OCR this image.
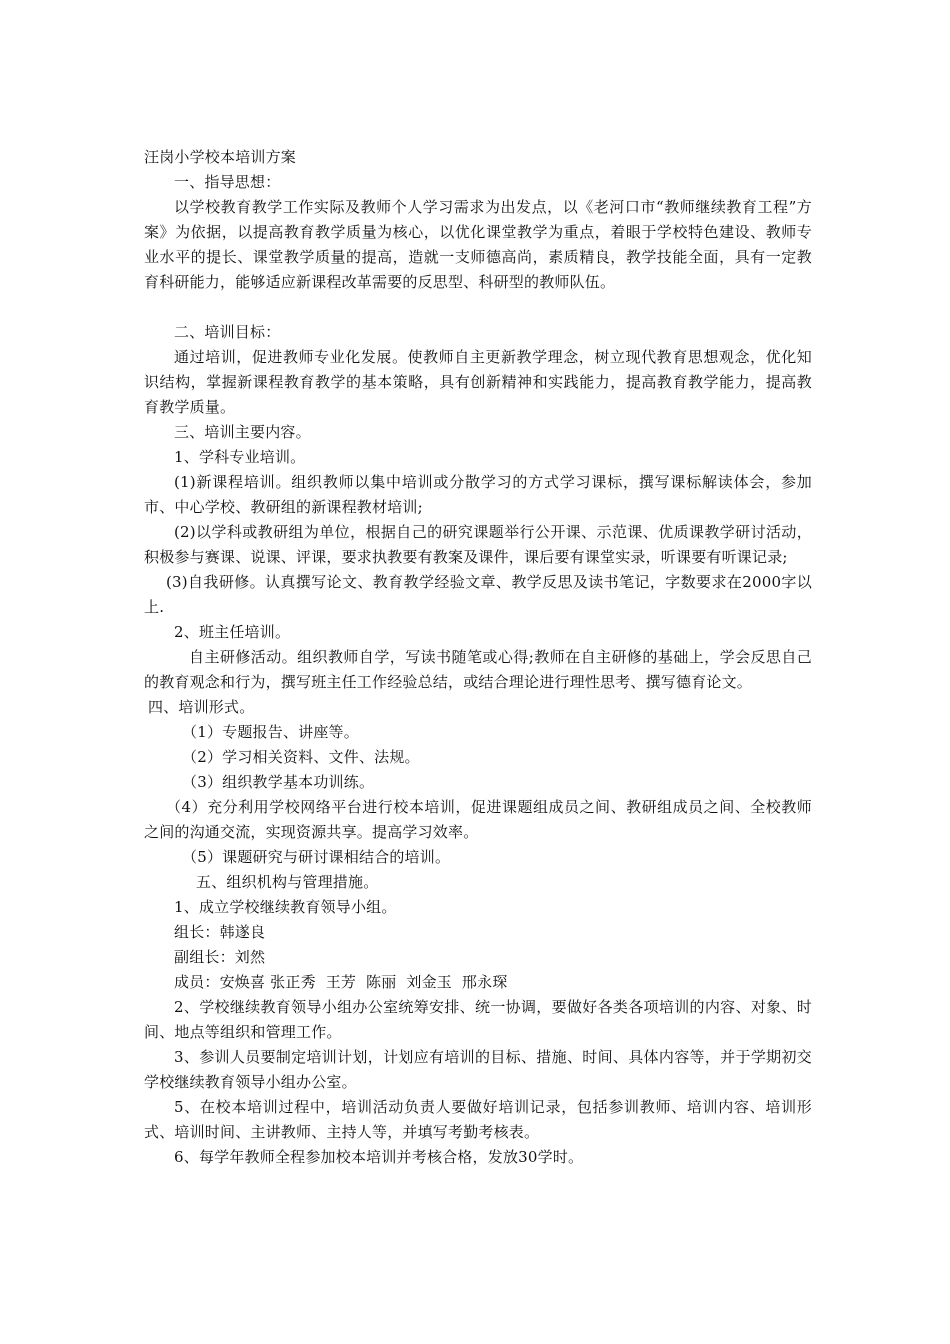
汪岗小学校本培训方案

一、指导思想：

以学校教育教学工作实际及教师个人学习需求为出发点，以《老河口市“教师继续教育工程”方案》为依据，以提高教育教学质量为核心，以优化课堂教学为重点，着眼于学校特色建设、教师专业水平的提长、课堂教学质量的提高，造就一支师德高尚，素质精良，教学技能全面，具有一定教育科研能力，能够适应新课程改革需要的反思型、科研型的教师队伍。

二、培训目标：

通过培训，促进教师专业化发展。使教师自主更新教学理念，树立现代教育思想观念，优化知识结构，掌握新课程教育教学的基本策略，具有创新精神和实践能力，提高教育教学能力，提高教育教学质量。

三、培训主要内容。

1、学科专业培训。

(1)新课程培训。组织教师以集中培训或分散学习的方式学习课标，撰写课标解读体会，参加市、中心学校、教研组的新课程教材培训;

(2)以学科或教研组为单位，根据自己的研究课题举行公开课、示范课、优质课教学研讨活动，积极参与赛课、说课、评课，要求执教要有教案及课件，课后要有课堂实录，听课要有听课记录;

(3)自我研修。认真撰写论文、教育教学经验文章、教学反思及读书笔记，字数要求在2000字以上.

2、班主任培训。

自主研修活动。组织教师自学，写读书随笔或心得;教师在自主研修的基础上，学会反思自己的教育观念和行为，撰写班主任工作经验总结，或结合理论进行理性思考、撰写德育论文。

四、培训形式。

（1）专题报告、讲座等。

（2）学习相关资料、文件、法规。

（3）组织教学基本功训练。

（4）充分利用学校网络平台进行校本培训，促进课题组成员之间、教研组成员之间、全校教师之间的沟通交流，实现资源共享。提高学习效率。

（5）课题研究与研讨课相结合的培训。

五、组织机构与管理措施。

1、成立学校继续教育领导小组。

组长：韩遂良

副组长：刘然

成员：安焕喜 张正秀  王芳  陈丽  刘金玉  邢永琛

2、学校继续教育领导小组办公室统筹安排、统一协调，要做好各类各项培训的内容、对象、时间、地点等组织和管理工作。

3、参训人员要制定培训计划，计划应有培训的目标、措施、时间、具体内容等，并于学期初交学校继续教育领导小组办公室。

5、在校本培训过程中，培训活动负责人要做好培训记录，包括参训教师、培训内容、培训形式、培训时间、主讲教师、主持人等，并填写考勤考核表。

6、每学年教师全程参加校本培训并考核合格，发放30学时。
